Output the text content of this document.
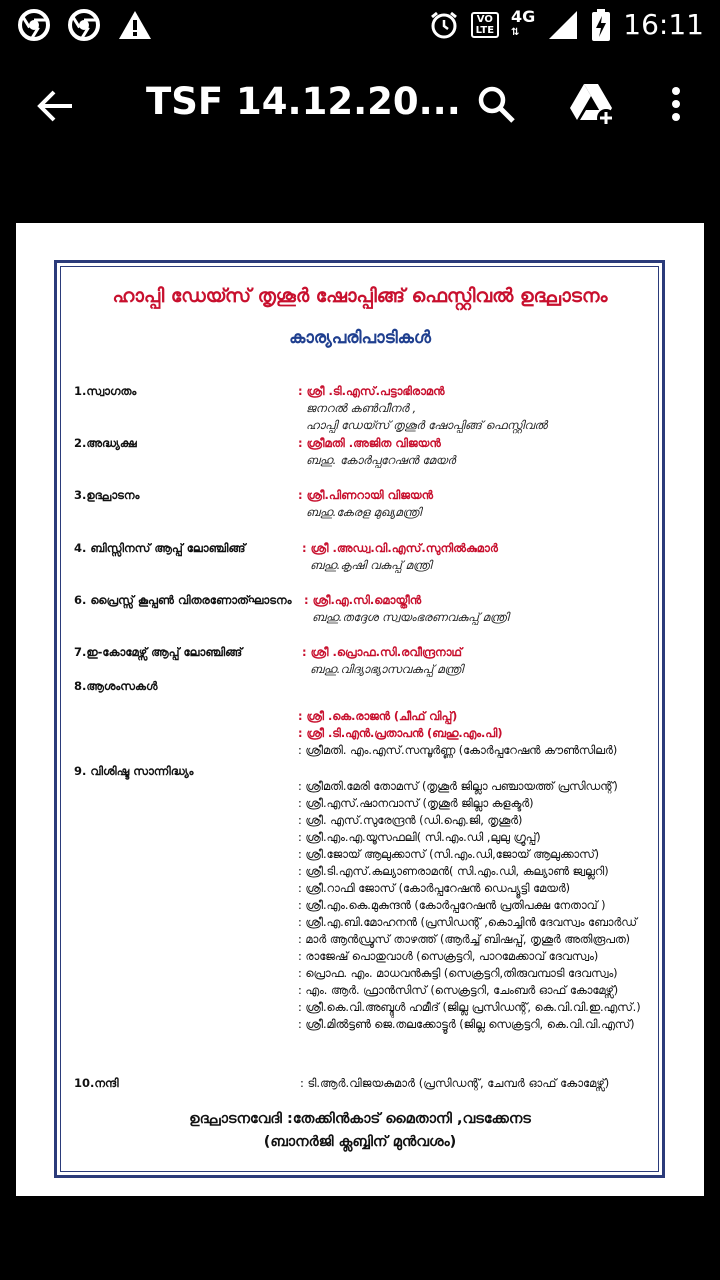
VO
LTE
4G
⇅	16:11
TSF 14.12.20...
ഹാപ്പി ഡേയ്സ് തൃശൂർ ഷോപ്പിങ്ങ് ഫെസ്റ്റിവൽ ഉദ്ഘാടനം
കാര്യപരിപാടികൾ
1.സ്വാഗതം	: ശ്രീ .ടി.എസ്.പട്ടാഭിരാമൻ
ജനറൽ കൺവീനർ ,
ഹാപ്പി ഡേയ്സ് തൃശൂർ ഷോപ്പിങ്ങ് ഫെസ്റ്റിവൽ
2.അദ്ധ്യക്ഷ	: ശ്രീമതി .അജിത വിജയൻ
ബഹു. കോർപ്പറേഷൻ മേയർ
3.ഉദ്ഘാടനം	: ശ്രീ.പിണറായി വിജയൻ
ബഹു.കേരള മുഖ്യമന്ത്രി
4. ബിസ്സിനസ് ആപ്പ് ലോഞ്ചിങ്ങ്	: ശ്രീ .അഡ്വ.വി.എസ്.സുനിൽകുമാർ
ബഹു.കൃഷി വകുപ്പ് മന്ത്രി
6. പ്രൈസ്സ് കൂപ്പൺ വിതരണോത്ഘാടനം : ശ്രീ.എ.സി.മൊയ്തീൻ
ബഹു.തദ്ദേശ സ്വയംഭരണവകുപ്പ് മന്ത്രി
7.ഇ-കോമേഴ്സ് ആപ്പ് ലോഞ്ചിങ്ങ്	: ശ്രീ .പ്രൊഫ.സി.രവീന്ദ്രനാഥ്
ബഹു.വിദ്യാഭ്യാസവകുപ്പ് മന്ത്രി
8.ആശംസകൾ
: ശ്രീ .കെ.രാജൻ (ചീഫ് വിപ്പ്)
: ശ്രീ .ടി.എൻ.പ്രതാപൻ (ബഹു.എം.പി)
: ശ്രീമതി. എം.എസ്.സമ്പൂർണ്ണ (കോർപ്പറേഷൻ കൗൺസിലർ)
9. വിശിഷ്ട സാന്നിദ്ധ്യം
: ശ്രീമതി.മേരി തോമസ് (തൃശൂർ ജില്ലാ പഞ്ചായത്ത് പ്രസിഡന്റ്)
: ശ്രീ.എസ്.ഷാനവാസ് (തൃശൂർ ജില്ലാ കളക്ടർ)
: ശ്രീ. എസ്.സുരേന്ദ്രൻ (ഡി.ഐ.ജി, തൃശൂർ)
: ശ്രീ.എം.എ.യൂസഫലി( സി.എം.ഡി ,ലുലു ഗ്രൂപ്പ്)
: ശ്രീ.ജോയ് ആലുക്കാസ് (സി.എം.ഡി,ജോയ് ആലുക്കാസ്)
: ശ്രീ.ടി.എസ്.കല്യാണരാമൻ( സി.എം.ഡി, കല്യാൺ ജ്വല്ലറി)
: ശ്രീ.റാഫി ജോസ് (കോർപ്പറേഷൻ ഡെപ്യൂട്ടി മേയർ)
: ശ്രീ.എം.കെ.മുകുന്ദൻ (കോർപ്പറേഷൻ പ്രതിപക്ഷ നേതാവ് )
: ശ്രീ.എ.ബി.മോഹനൻ (പ്രസിഡന്റ് ,കൊച്ചിൻ ദേവസ്വം ബോർഡ്
: മാർ ആൻഡ്രൂസ് താഴത്ത് (ആർച്ച് ബിഷപ്പ്, തൃശൂർ അതിരൂപത)
: രാജേഷ് പൊതുവാൾ (സെക്രട്ടറി, പാറമേക്കാവ് ദേവസ്വം)
: പ്രൊഫ. എം. മാധവൻകുട്ടി (സെക്രട്ടറി,തിരുവമ്പാടി ദേവസ്വം)
: എം. ആർ. ഫ്രാൻസിസ് (സെക്രട്ടറി, ചേംബർ ഓഫ് കോമേഴ്സ്)
: ശ്രീ.കെ.വി.അബ്ദുൾ ഹമീദ് (ജില്ല പ്രസിഡന്റ്, കെ.വി.വി.ഇ.എസ്.)
: ശ്രീ.മിൽട്ടൺ ജെ.തലക്കോട്ടൂർ (ജില്ല സെക്രട്ടറി, കെ.വി.വി.എസ്)
10.നന്ദി	: ടി.ആർ.വിജയകുമാർ (പ്രസിഡന്റ്, ചേമ്പർ ഓഫ് കോമേഴ്സ്)
ഉദ്ഘാടനവേദി :തേക്കിൻകാട് മൈതാനി ,വടക്കേനട
(ബാനർജി ക്ലബ്ബിന് മുൻവശം)
